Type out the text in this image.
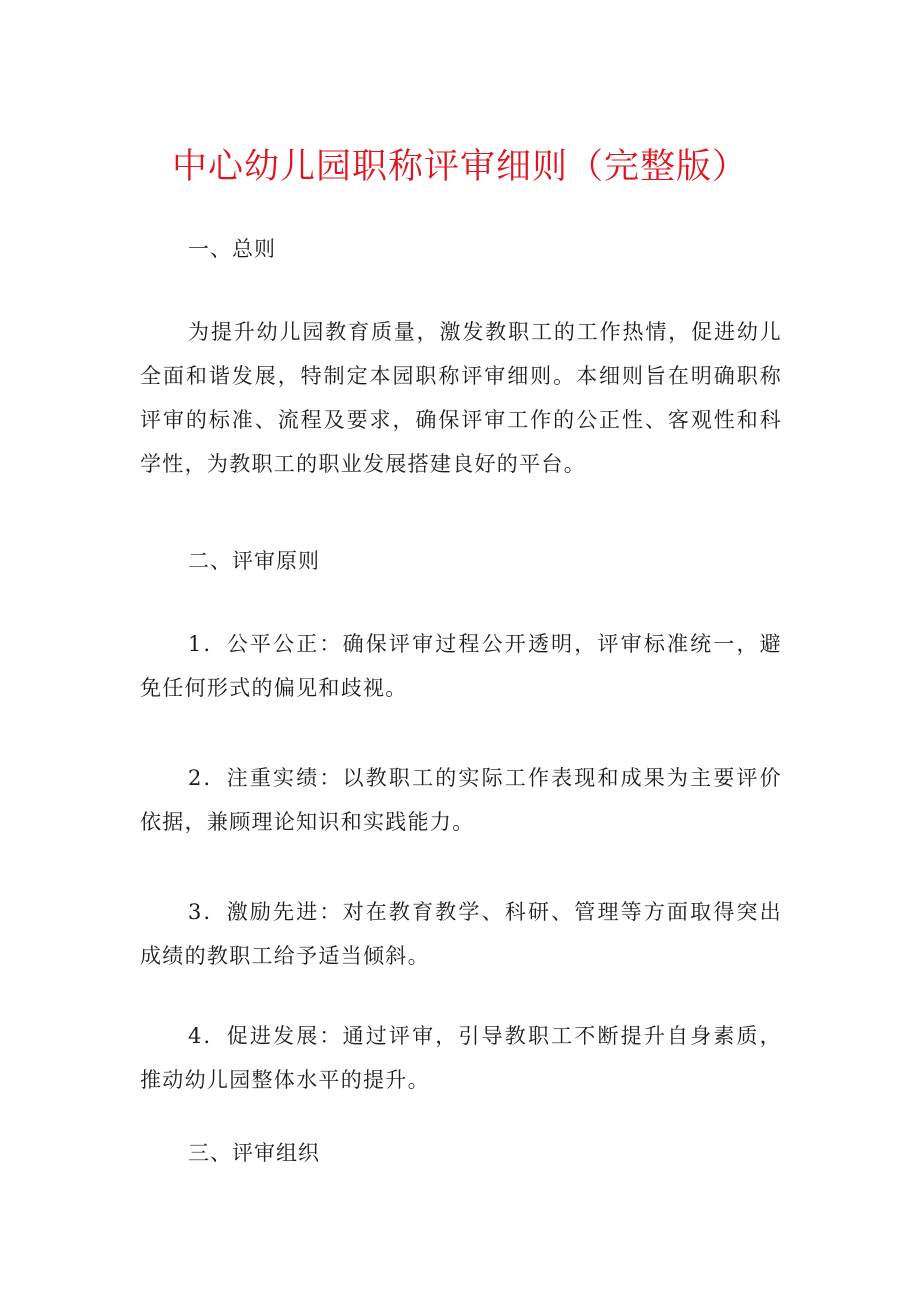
中心幼儿园职称评审细则（完整版）
一、总则

为提升幼儿园教育质量，激发教职工的工作热情，促进幼儿全面和谐发展，特制定本园职称评审细则。本细则旨在明确职称评审的标准、流程及要求，确保评审工作的公正性、客观性和科学性，为教职工的职业发展搭建良好的平台。

二、评审原则

1．公平公正：确保评审过程公开透明，评审标准统一，避免任何形式的偏见和歧视。

2．注重实绩：以教职工的实际工作表现和成果为主要评价依据，兼顾理论知识和实践能力。

3．激励先进：对在教育教学、科研、管理等方面取得突出成绩的教职工给予适当倾斜。

4．促进发展：通过评审，引导教职工不断提升自身素质，推动幼儿园整体水平的提升。

三、评审组织
